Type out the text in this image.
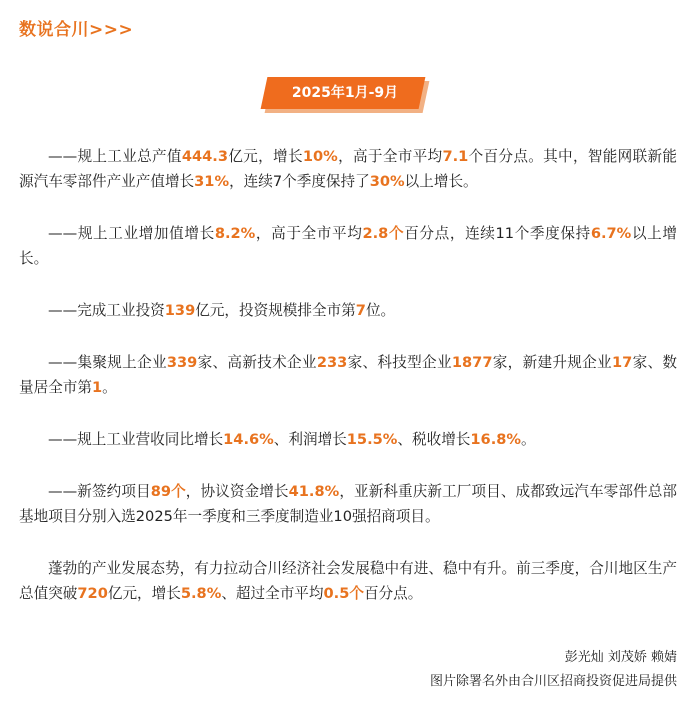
数说合川>>>
2025年1月-9月

——规上工业总产值444.3亿元，增长10%，高于全市平均7.1个百分点。其中，智能网联新能源汽车零部件产业产值增长31%，连续7个季度保持了30%以上增长。

——规上工业增加值增长8.2%，高于全市平均2.8个百分点，连续11个季度保持6.7%以上增长。

——完成工业投资139亿元，投资规模排全市第7位。

——集聚规上企业339家、高新技术企业233家、科技型企业1877家，新建升规企业17家、数量居全市第1。

——规上工业营收同比增长14.6%、利润增长15.5%、税收增长16.8%。

——新签约项目89个，协议资金增长41.8%，亚新科重庆新工厂项目、成都致远汽车零部件总部基地项目分别入选2025年一季度和三季度制造业10强招商项目。

蓬勃的产业发展态势，有力拉动合川经济社会发展稳中有进、稳中有升。前三季度，合川地区生产总值突破720亿元，增长5.8%、超过全市平均0.5个百分点。

彭光灿 刘茂娇 赖婧
图片除署名外由合川区招商投资促进局提供
